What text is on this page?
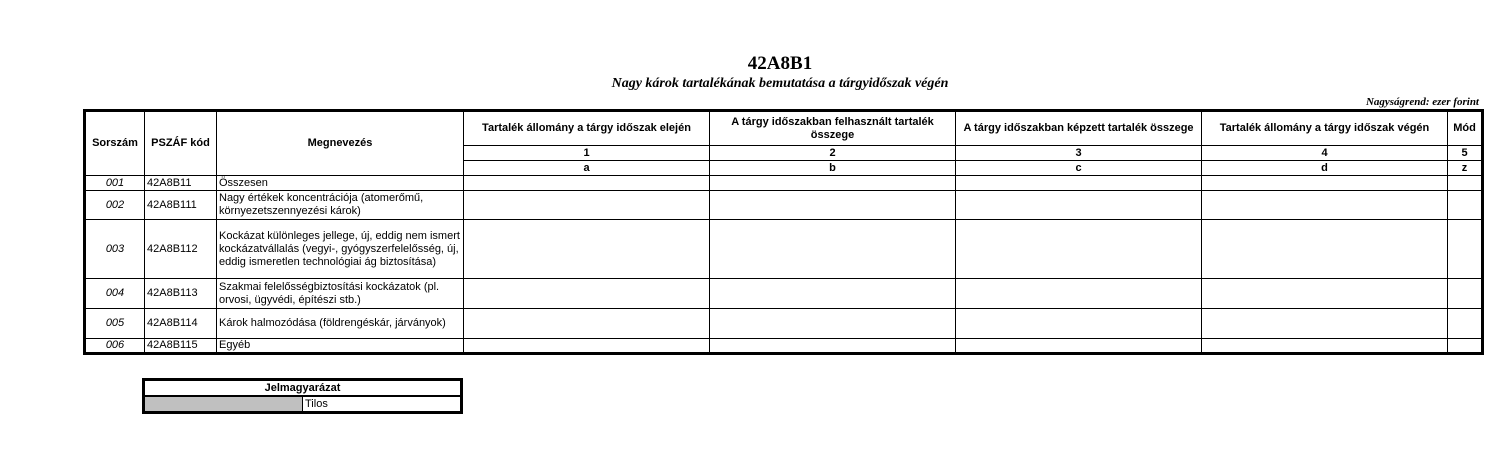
42A8B1
Nagy károk tartalékának bemutatása a tárgyidőszak végén
Nagyságrend: ezer forint
Sorszám	PSZÁF kód	Megnevezés	Tartalék állomány a tárgy időszak elején	A tárgy időszakban felhasznált tartalék összege	A tárgy időszakban képzett tartalék összege	Tartalék állomány a tárgy időszak végén	Mód
			1	2	3	4	5
			a	b	c	d	z
001	42A8B11	Összesen					
002	42A8B111	Nagy értékek koncentrációja (atomerőmű, környezetszennyezési károk)					
003	42A8B112	Kockázat különleges jellege, új, eddig nem ismert kockázatvállalás (vegyi-, gyógyszerfelelősség, új, eddig ismeretlen technológiai ág biztosítása)					
004	42A8B113	Szakmai felelősségbiztosítási kockázatok (pl. orvosi, ügyvédi, építészi stb.)					
005	42A8B114	Károk halmozódása (földrengéskár, járványok)					
006	42A8B115	Egyéb					
Jelmagyarázat
	Tilos
